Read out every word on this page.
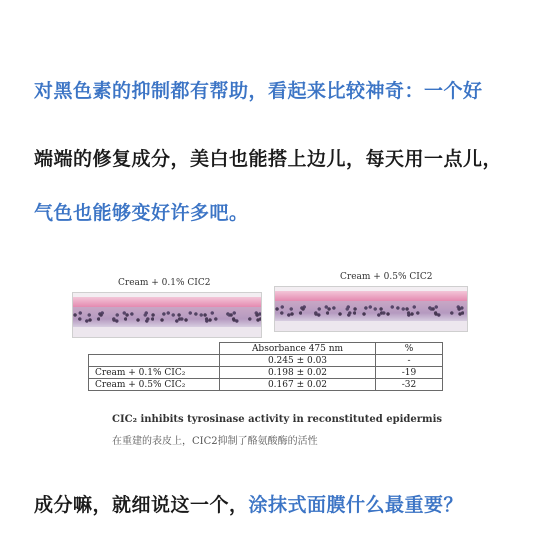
对黑色素的抑制都有帮助，看起来比较神奇：一个好
端端的修复成分，美白也能搭上边儿，每天用一点儿，
气色也能够变好许多吧。
Cream + 0.1% CIC2
Cream + 0.5% CIC2
	Absorbance 475 nm	%
	0.245 ± 0.03	-
Cream + 0.1% CIC₂	0.198 ± 0.02	-19
Cream + 0.5% CIC₂	0.167 ± 0.02	-32
CIC₂ inhibits tyrosinase activity in reconstituted epidermis
在重建的表皮上，CIC2抑制了酪氨酸酶的活性
成分嘛，就细说这一个，涂抹式面膜什么最重要？
